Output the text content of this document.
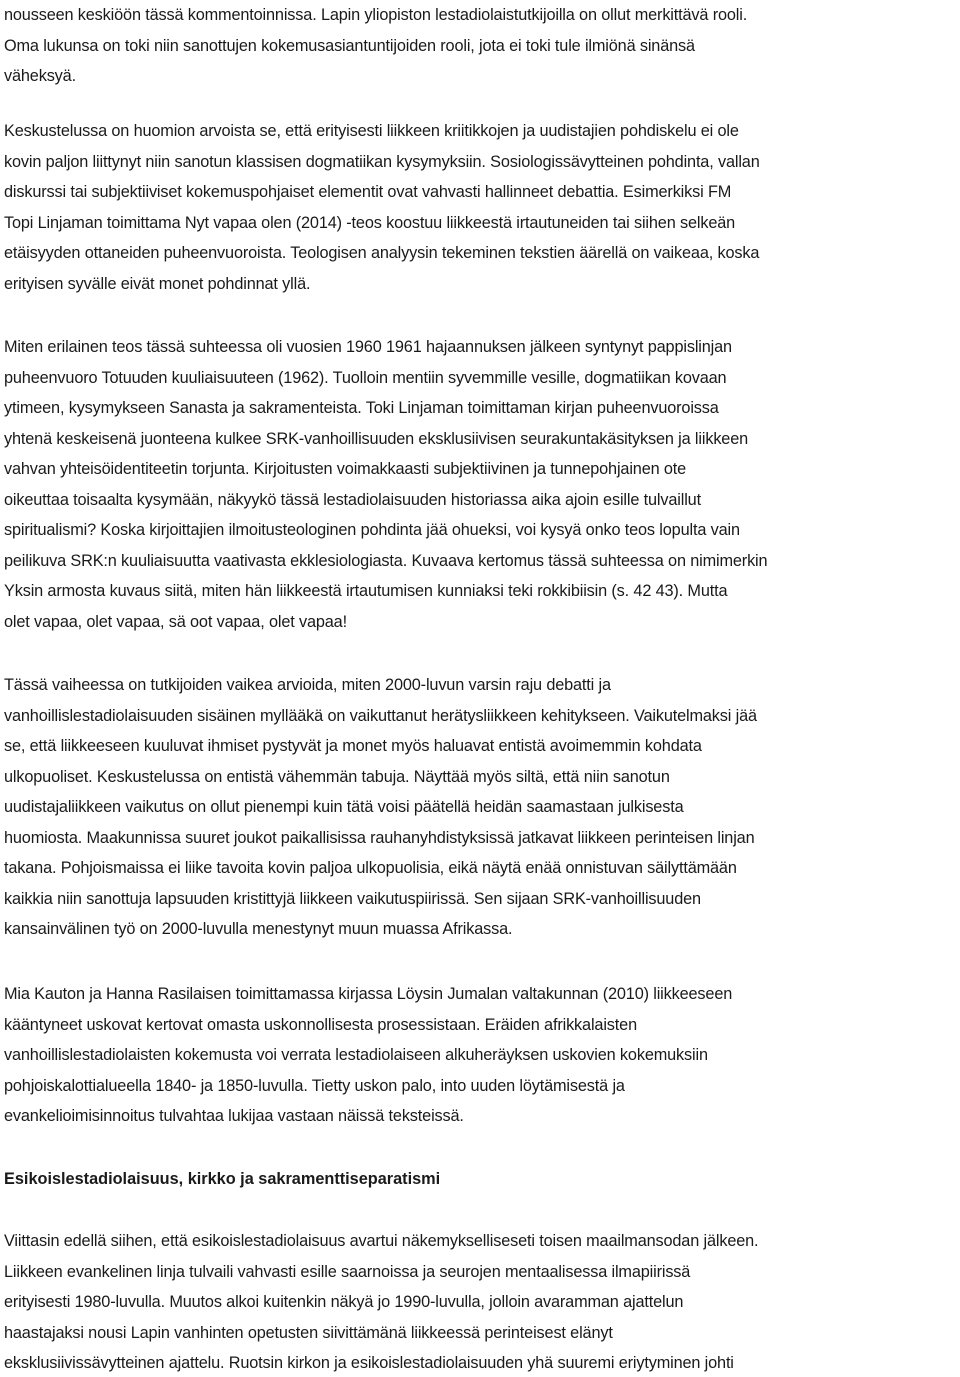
nousseen keskiöön tässä kommentoinnissa. Lapin yliopiston lestadiolaistutkijoilla on ollut merkittävä rooli.
Oma lukunsa on toki niin sanottujen kokemusasiantuntijoiden rooli, jota ei toki tule ilmiönä sinänsä
väheksyä.
Keskustelussa on huomion arvoista se, että erityisesti liikkeen kriitikkojen ja uudistajien pohdiskelu ei ole
kovin paljon liittynyt niin sanotun klassisen dogmatiikan kysymyksiin. Sosiologissävytteinen pohdinta, vallan
diskurssi tai subjektiiviset kokemuspohjaiset elementit ovat vahvasti hallinneet debattia. Esimerkiksi FM
Topi Linjaman toimittama Nyt vapaa olen (2014) -teos koostuu liikkeestä irtautuneiden tai siihen selkeän
etäisyyden ottaneiden puheenvuoroista. Teologisen analyysin tekeminen tekstien äärellä on vaikeaa, koska
erityisen syvälle eivät monet pohdinnat yllä.
Miten erilainen teos tässä suhteessa oli vuosien 1960 1961 hajaannuksen jälkeen syntynyt pappislinjan
puheenvuoro Totuuden kuuliaisuuteen (1962). Tuolloin mentiin syvemmille vesille, dogmatiikan kovaan
ytimeen, kysymykseen Sanasta ja sakramenteista. Toki Linjaman toimittaman kirjan puheenvuoroissa
yhtenä keskeisenä juonteena kulkee SRK-vanhoillisuuden eksklusiivisen seurakuntakäsityksen ja liikkeen
vahvan yhteisöidentiteetin torjunta. Kirjoitusten voimakkaasti subjektiivinen ja tunnepohjainen ote
oikeuttaa toisaalta kysymään, näkyykö tässä lestadiolaisuuden historiassa aika ajoin esille tulvaillut
spiritualismi? Koska kirjoittajien ilmoitusteologinen pohdinta jää ohueksi, voi kysyä onko teos lopulta vain
peilikuva SRK:n kuuliaisuutta vaativasta ekklesiologiasta. Kuvaava kertomus tässä suhteessa on nimimerkin
Yksin armosta kuvaus siitä, miten hän liikkeestä irtautumisen kunniaksi teki rokkibiisin (s. 42 43). Mutta
olet vapaa, olet vapaa, sä oot vapaa, olet vapaa!
Tässä vaiheessa on tutkijoiden vaikea arvioida, miten 2000-luvun varsin raju debatti ja
vanhoillislestadiolaisuuden sisäinen myllääkä on vaikuttanut herätysliikkeen kehitykseen. Vaikutelmaksi jää
se, että liikkeeseen kuuluvat ihmiset pystyvät ja monet myös haluavat entistä avoimemmin kohdata
ulkopuoliset. Keskustelussa on entistä vähemmän tabuja. Näyttää myös siltä, että niin sanotun
uudistajaliikkeen vaikutus on ollut pienempi kuin tätä voisi päätellä heidän saamastaan julkisesta
huomiosta. Maakunnissa suuret joukot paikallisissa rauhanyhdistyksissä jatkavat liikkeen perinteisen linjan
takana. Pohjoismaissa ei liike tavoita kovin paljoa ulkopuolisia, eikä näytä enää onnistuvan säilyttämään
kaikkia niin sanottuja lapsuuden kristittyjä liikkeen vaikutuspiirissä. Sen sijaan SRK-vanhoillisuuden
kansainvälinen työ on 2000-luvulla menestynyt muun muassa Afrikassa.
Mia Kauton ja Hanna Rasilaisen toimittamassa kirjassa Löysin Jumalan valtakunnan (2010) liikkeeseen
kääntyneet uskovat kertovat omasta uskonnollisesta prosessistaan. Eräiden afrikkalaisten
vanhoillislestadiolaisten kokemusta voi verrata lestadiolaiseen alkuheräyksen uskovien kokemuksiin
pohjoiskalottialueella 1840- ja 1850-luvulla. Tietty uskon palo, into uuden löytämisestä ja
evankelioimisinnoitus tulvahtaa lukijaa vastaan näissä teksteissä.
Esikoislestadiolaisuus, kirkko ja sakramenttiseparatismi
Viittasin edellä siihen, että esikoislestadiolaisuus avartui näkemykselliseseti toisen maailmansodan jälkeen.
Liikkeen evankelinen linja tulvaili vahvasti esille saarnoissa ja seurojen mentaalisessa ilmapiirissä
erityisesti 1980-luvulla. Muutos alkoi kuitenkin näkyä jo 1990-luvulla, jolloin avaramman ajattelun
haastajaksi nousi Lapin vanhinten opetusten siivittämänä liikkeessä perinteisest elänyt
eksklusiivissävytteinen ajattelu. Ruotsin kirkon ja esikoislestadiolaisuuden yhä suuremi eriytyminen johti
